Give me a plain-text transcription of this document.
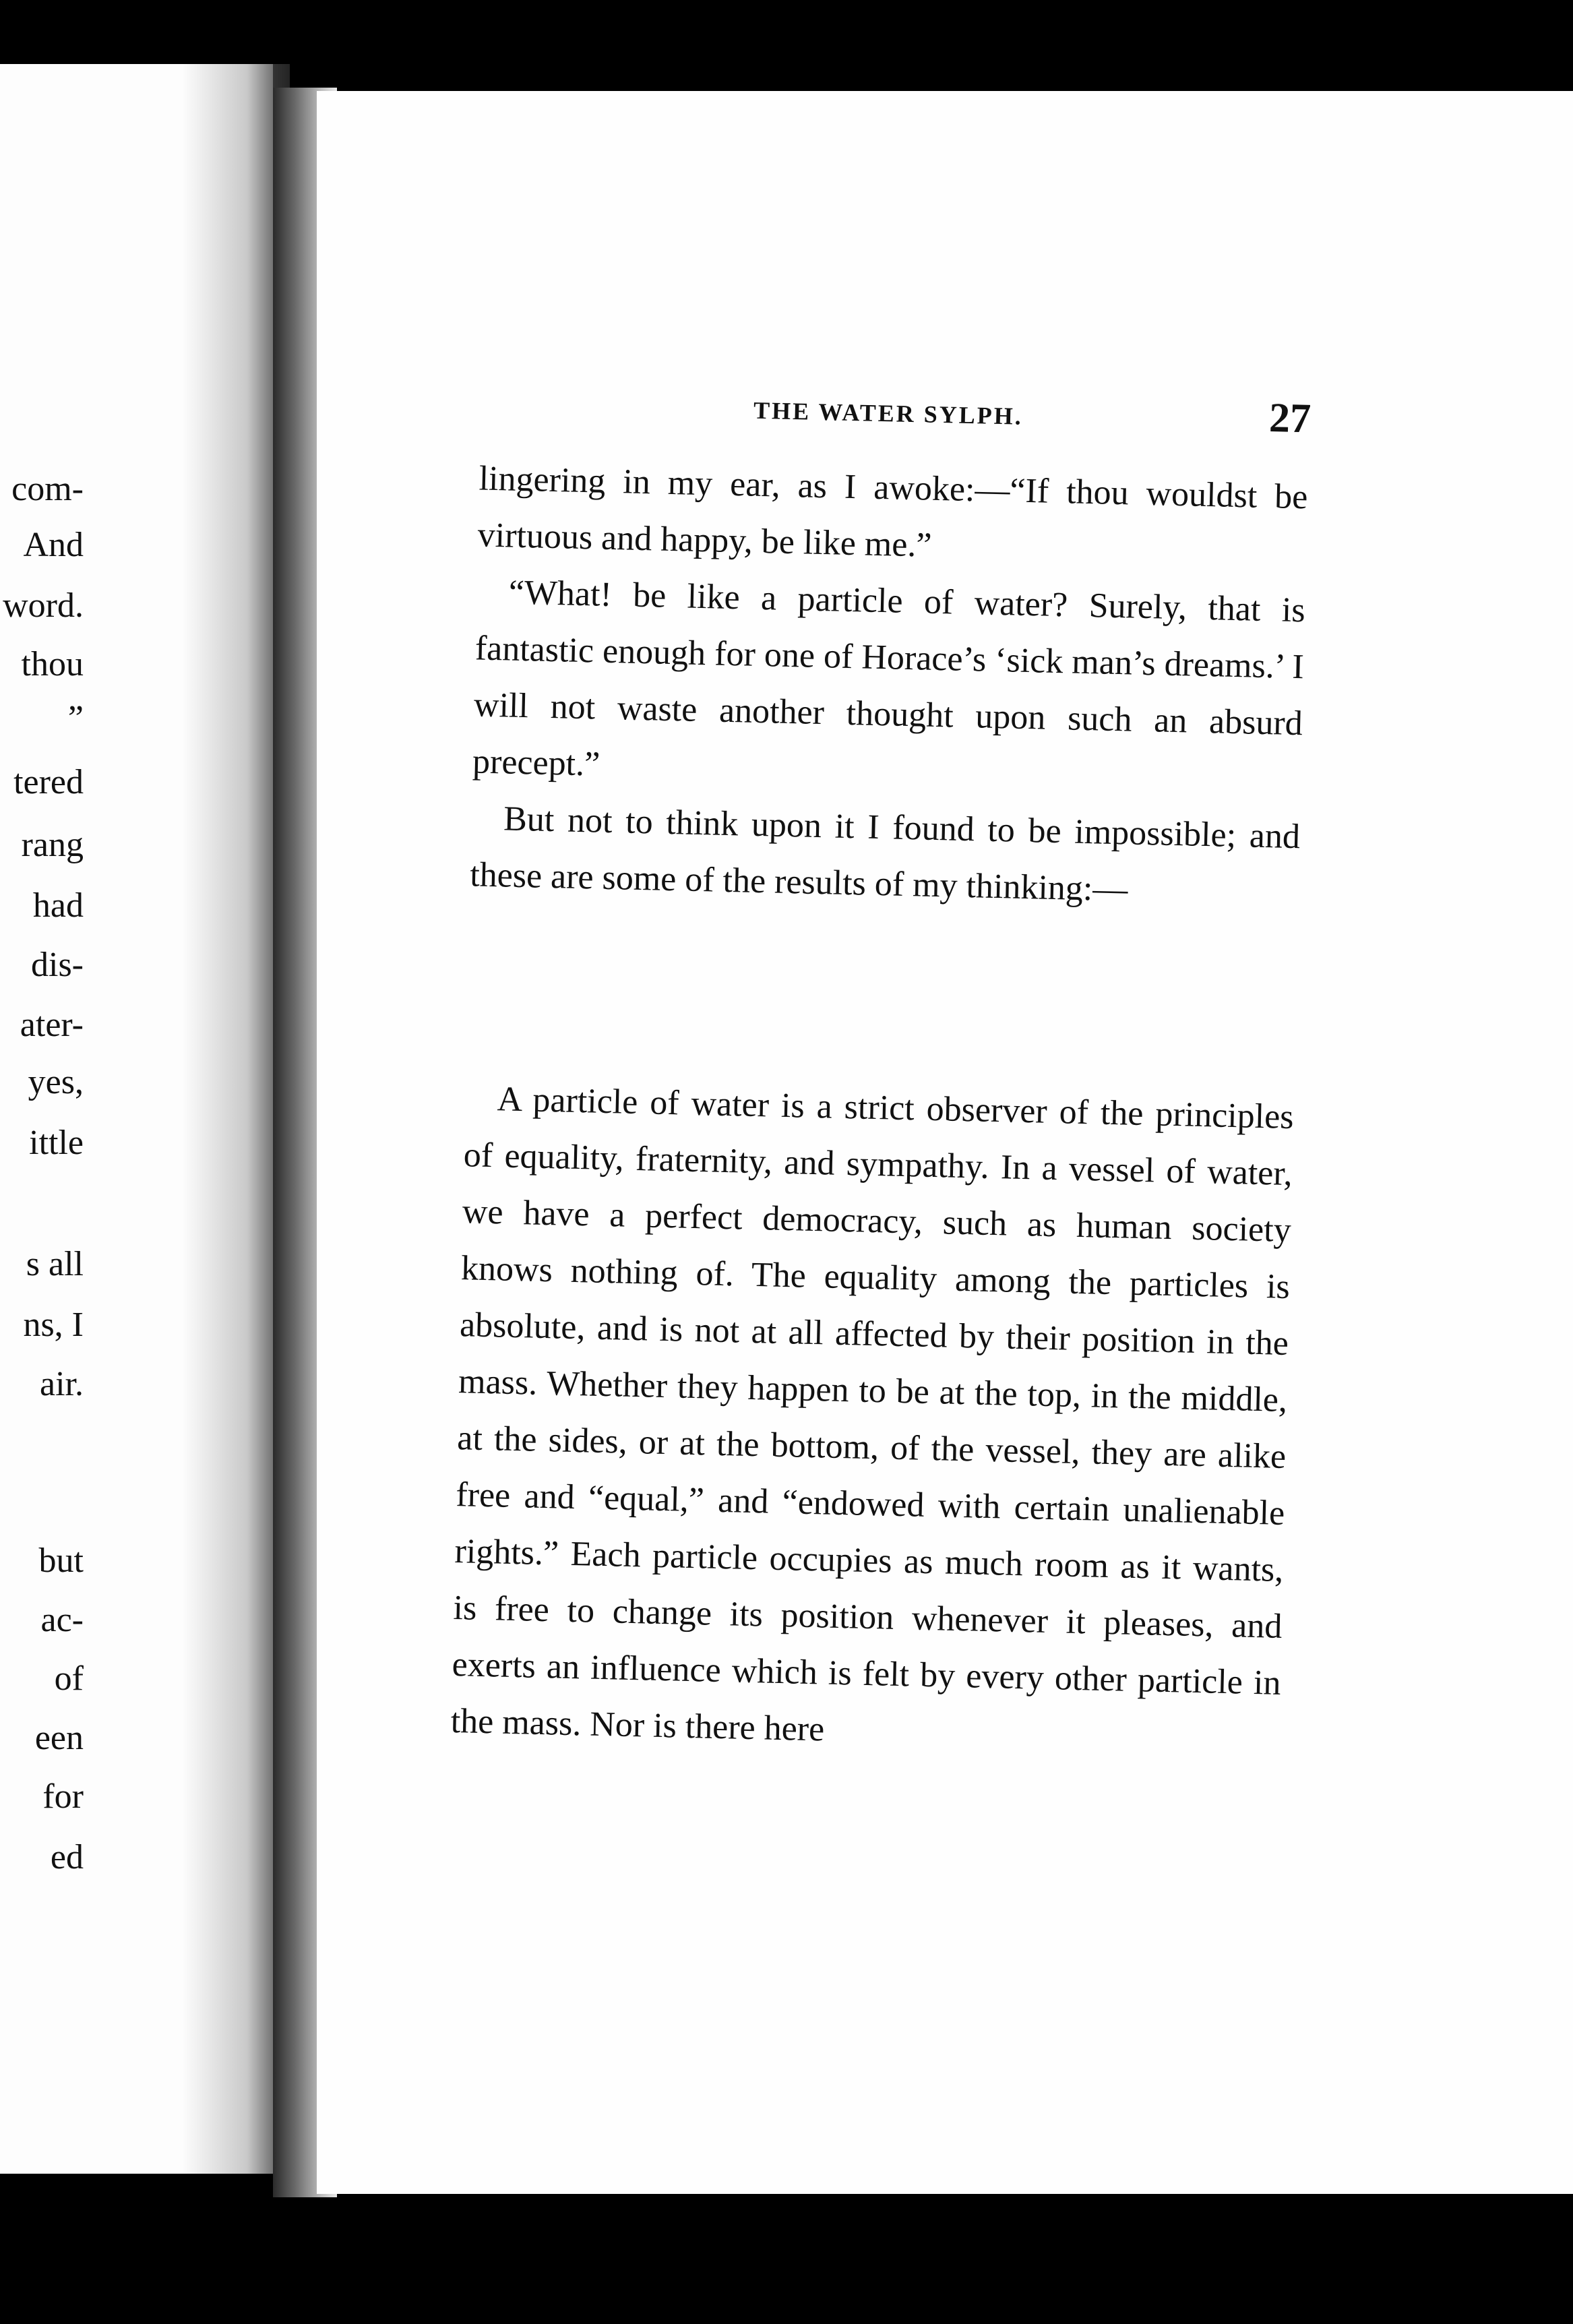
com-
And
word.
thou
”
tered
rang
had
dis-
ater-
yes,
ittle
s all
ns, I
air.
but
ac-
of
een
for
ed
THE WATER SYLPH.	27

lingering in my ear, as I awoke:—“If thou wouldst be virtuous and happy, be like me.”

“What! be like a particle of water? Surely, that is fantastic enough for one of Horace’s ‘sick man’s dreams.’ I will not waste another thought upon such an absurd precept.”

But not to think upon it I found to be impossible; and these are some of the results of my thinking:—

A particle of water is a strict observer of the principles of equality, fraternity, and sympathy. In a vessel of water, we have a perfect democracy, such as human society knows nothing of. The equality among the particles is absolute, and is not at all affected by their position in the mass. Whether they happen to be at the top, in the middle, at the sides, or at the bottom, of the vessel, they are alike free and “equal,” and “endowed with certain unalienable rights.” Each particle occupies as much room as it wants, is free to change its position whenever it pleases, and exerts an influence which is felt by every other particle in the mass. Nor is there here
